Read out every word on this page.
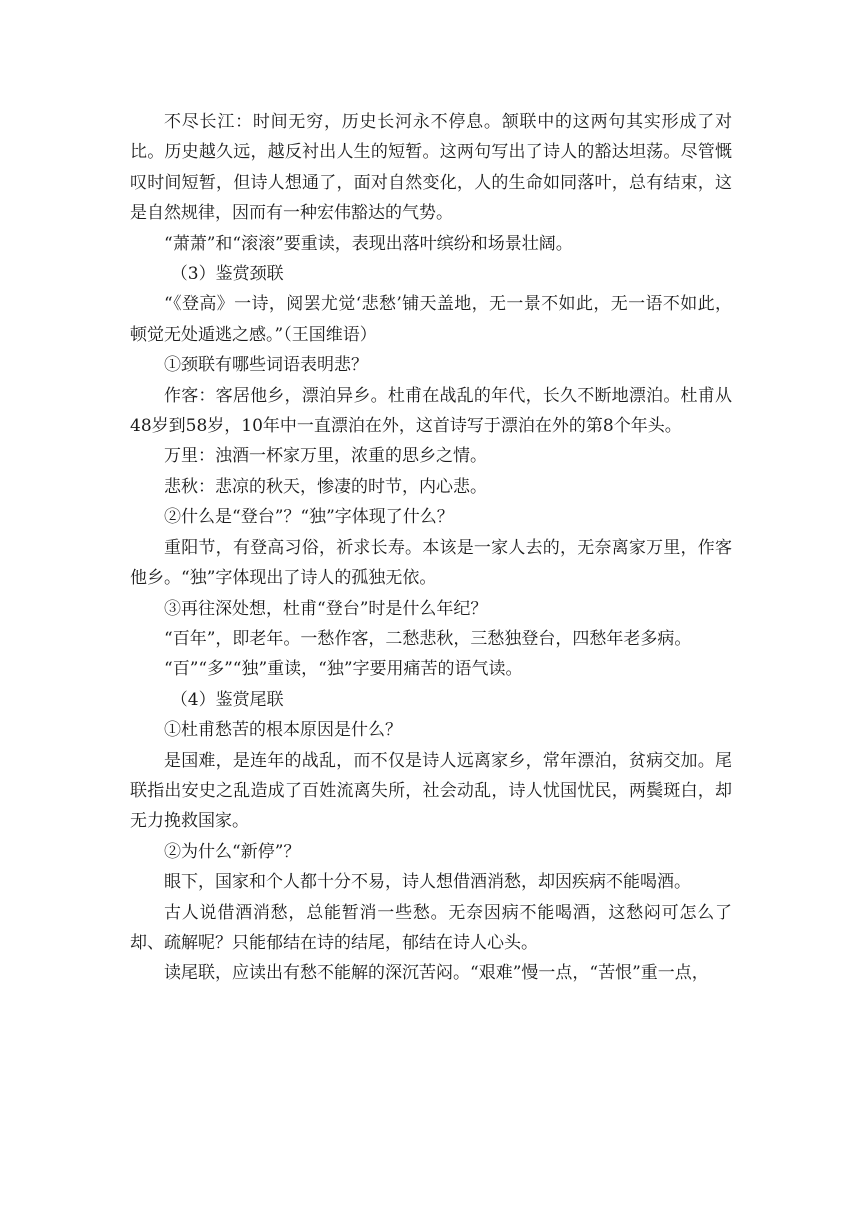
不尽长江：时间无穷，历史长河永不停息。颔联中的这两句其实形成了对比。历史越久远，越反衬出人生的短暂。这两句写出了诗人的豁达坦荡。尽管慨叹时间短暂，但诗人想通了，面对自然变化，人的生命如同落叶，总有结束，这是自然规律，因而有一种宏伟豁达的气势。

“萧萧”和“滚滚”要重读，表现出落叶缤纷和场景壮阔。

（3）鉴赏颈联

“《登高》一诗，阅罢尤觉‘悲愁’铺天盖地，无一景不如此，无一语不如此，顿觉无处遁逃之感。”（王国维语）

①颈联有哪些词语表明悲？

作客：客居他乡，漂泊异乡。杜甫在战乱的年代，长久不断地漂泊。杜甫从48岁到58岁，10年中一直漂泊在外，这首诗写于漂泊在外的第8个年头。

万里：浊酒一杯家万里，浓重的思乡之情。

悲秋：悲凉的秋天，惨凄的时节，内心悲。

②什么是“登台”？“独”字体现了什么？

重阳节，有登高习俗，祈求长寿。本该是一家人去的，无奈离家万里，作客他乡。“独”字体现出了诗人的孤独无依。

③再往深处想，杜甫“登台”时是什么年纪？

“百年”，即老年。一愁作客，二愁悲秋，三愁独登台，四愁年老多病。

“百”“多”“独”重读，“独”字要用痛苦的语气读。

（4）鉴赏尾联

①杜甫愁苦的根本原因是什么？

是国难，是连年的战乱，而不仅是诗人远离家乡，常年漂泊，贫病交加。尾联指出安史之乱造成了百姓流离失所，社会动乱，诗人忧国忧民，两鬓斑白，却无力挽救国家。

②为什么“新停”？

眼下，国家和个人都十分不易，诗人想借酒消愁，却因疾病不能喝酒。

古人说借酒消愁，总能暂消一些愁。无奈因病不能喝酒，这愁闷可怎么了却、疏解呢？只能郁结在诗的结尾，郁结在诗人心头。

读尾联，应读出有愁不能解的深沉苦闷。“艰难”慢一点，“苦恨”重一点，
